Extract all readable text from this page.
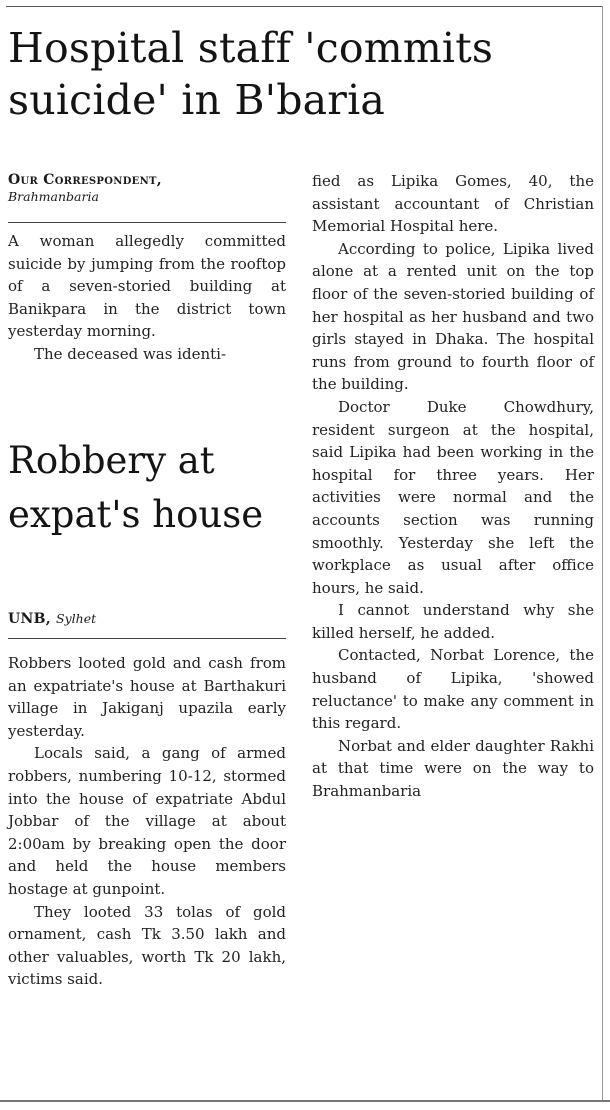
Hospital staff 'commits suicide' in B'baria
Our Correspondent,
Brahmanbaria

A woman allegedly committed suicide by jumping from the rooftop of a seven-storied building at Banikpara in the district town yesterday morning.

The deceased was identi-

Robbery at expat's house
UNB, Sylhet

Robbers looted gold and cash from an expatriate's house at Barthakuri village in Jakiganj upazila early yesterday.

Locals said, a gang of armed robbers, numbering 10-12, stormed into the house of expatriate Abdul Jobbar of the village at about 2:00am by breaking open the door and held the house members hostage at gunpoint.

They looted 33 tolas of gold ornament, cash Tk 3.50 lakh and other valuables, worth Tk 20 lakh, victims said.

fied as Lipika Gomes, 40, the assistant accountant of Christian Memorial Hospital here.

According to police, Lipika lived alone at a rented unit on the top floor of the seven-storied building of her hospital as her husband and two girls stayed in Dhaka. The hospital runs from ground to fourth floor of the building.

Doctor Duke Chowdhury, resident surgeon at the hospital, said Lipika had been working in the hospital for three years. Her activities were normal and the accounts section was running smoothly. Yesterday she left the workplace as usual after office hours, he said.

I cannot understand why she killed herself, he added.

Contacted, Norbat Lorence, the husband of Lipika, 'showed reluctance' to make any comment in this regard.

Norbat and elder daughter Rakhi at that time were on the way to Brahmanbaria
